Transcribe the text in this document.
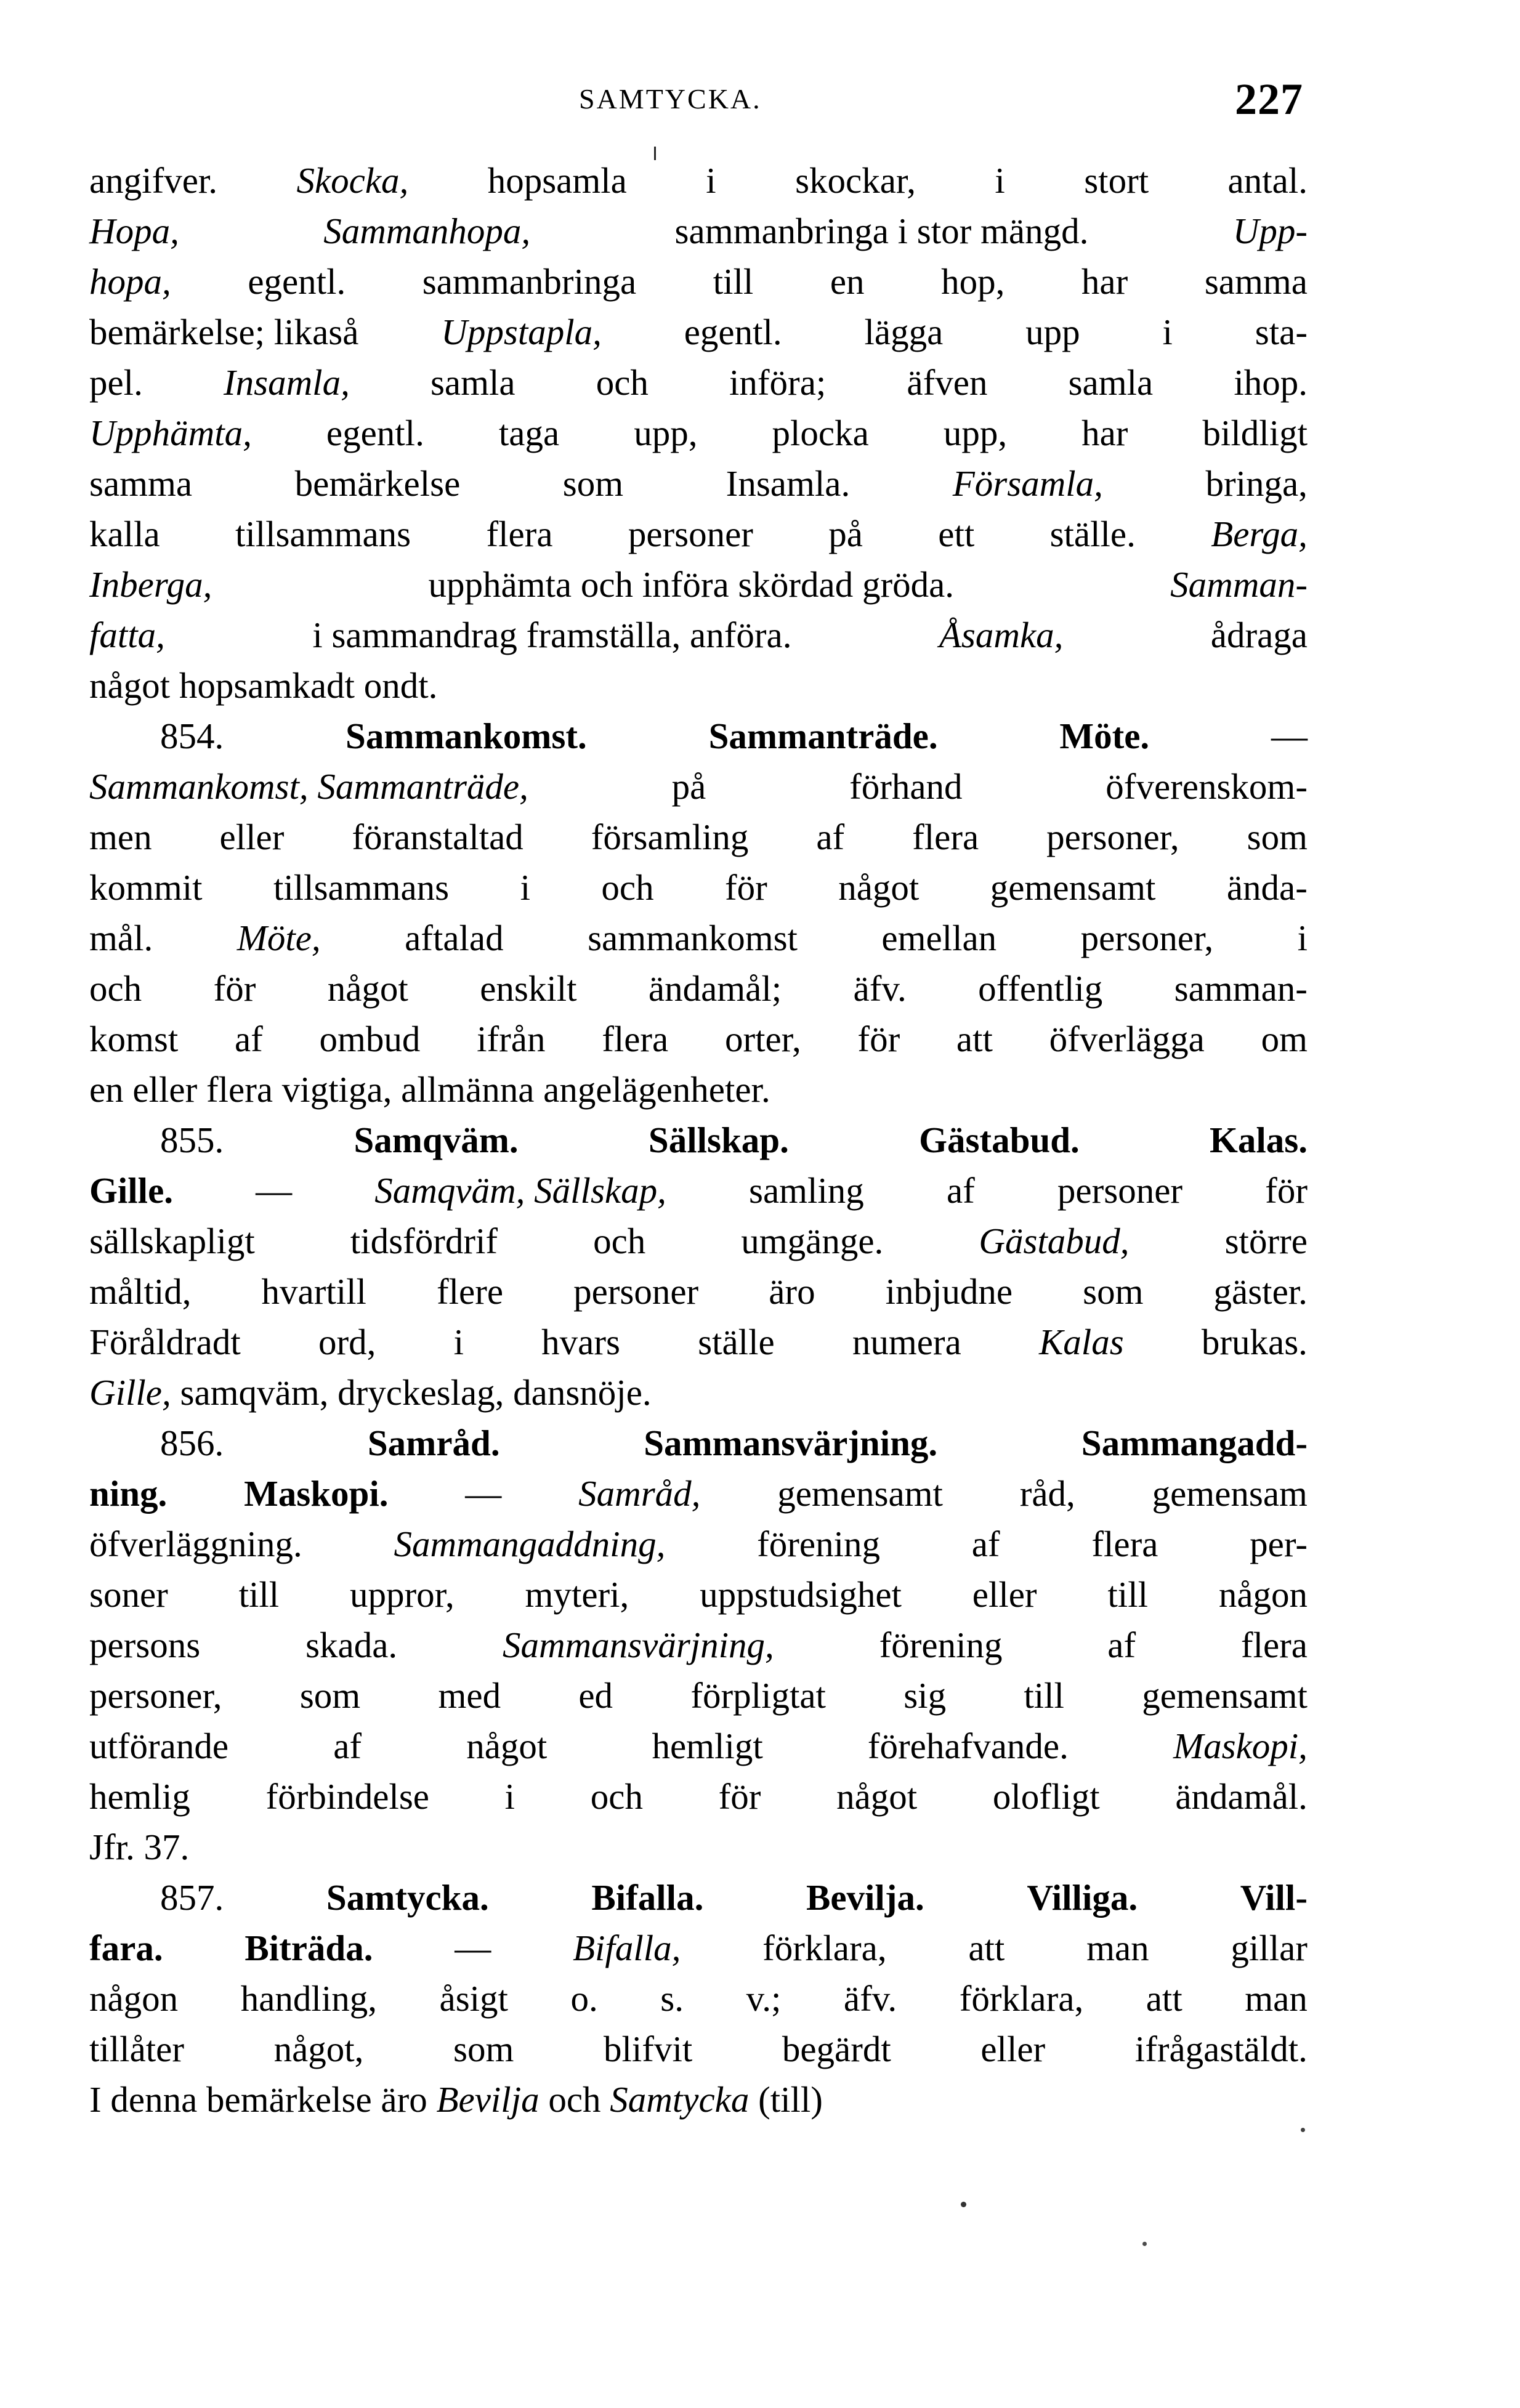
SAMTYCKA.	227
angifver. Skocka, hopsamla i skockar, i stort antal.
Hopa,	Sammanhopa,	sammanbringa i stor mängd.	Upp-
hopa, egentl. sammanbringa till en hop, har samma
bemärkelse; likaså Uppstapla, egentl. lägga upp i sta-
pel. Insamla, samla och införa; äfven samla ihop.
Upphämta, egentl. taga upp, plocka upp, har bildligt
samma	bemärkelse	som	Insamla.	Församla,	bringa,
kalla tillsammans flera personer på ett ställe. Berga,
Inberga,	upphämta och införa skördad gröda.	Samman-
fatta,	i sammandrag framställa, anföra.	Åsamka,	ådraga
något hopsamkadt ondt.
854.	Sammankomst.	Sammanträde.	Möte.	—
Sammankomst, Sammanträde,	på	förhand	öfverenskom-
men eller föranstaltad församling af flera personer, som
kommit tillsammans i och för något gemensamt ända-
mål. Möte, aftalad sammankomst emellan personer, i
och för något enskilt ändamål; äfv. offentlig samman-
komst af ombud ifrån flera orter, för att öfverlägga om
en eller flera vigtiga, allmänna angelägenheter.
855.	Samqväm.	Sällskap.	Gästabud.	Kalas.
Gille. — Samqväm, Sällskap, samling af personer för
sällskapligt	tidsfördrif	och	umgänge.	Gästabud,	större
måltid, hvartill flere personer äro inbjudne som gäster.
Föråldradt ord, i hvars ställe numera Kalas brukas.
Gille, samqväm, dryckeslag, dansnöje.
856.	Samråd.	Sammansvärjning.	Sammangadd-
ning. Maskopi. — Samråd, gemensamt råd, gemensam
öfverläggning.	Sammangaddning,	förening	af	flera	per-
soner till uppror, myteri, uppstudsighet eller till någon
persons	skada.	Sammansvärjning,	förening	af	flera
personer, som med ed förpligtat sig till gemensamt
utförande	af	något	hemligt	förehafvande.	Maskopi,
hemlig förbindelse i och för något olofligt ändamål.
Jfr. 37.
857.	Samtycka.	Bifalla.	Bevilja.	Villiga.	Vill-
fara. Biträda. — Bifalla, förklara, att man gillar
någon handling, åsigt o. s. v.; äfv. förklara, att man
tillåter något, som blifvit begärdt eller ifrågastäldt.
I denna bemärkelse äro Bevilja och Samtycka (till)
